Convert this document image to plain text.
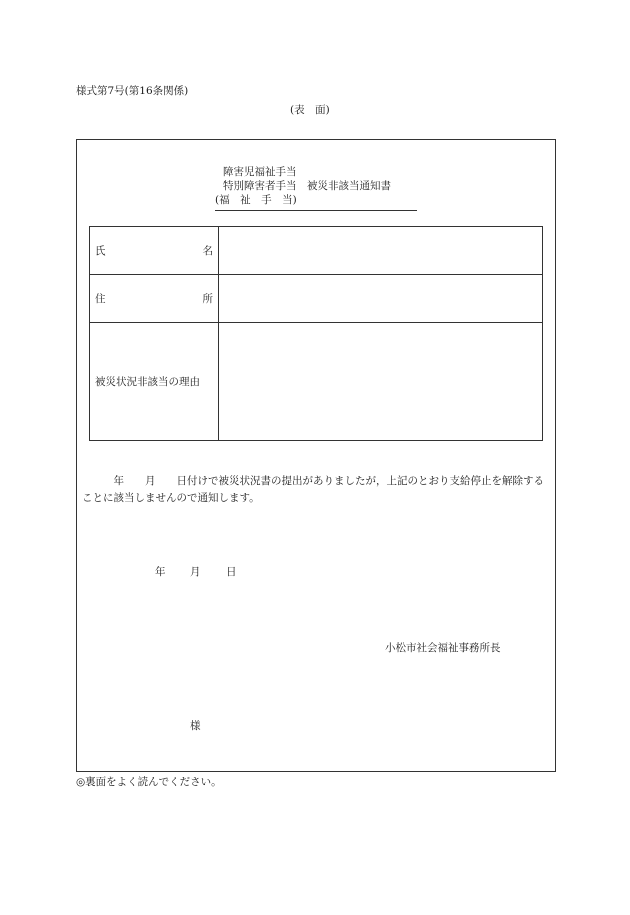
様式第7号(第16条関係)
(表　面)
障害児福祉手当
特別障害者手当　被災非該当通知書
(福　祉　手　当)
氏 名	

住 所	

被災状況非該当の理由	
　　　年　　月　　日付けで被災状況書の提出がありましたが，上記のとおり支給停止を解除することに該当しませんので通知します。
年 月 日
小松市社会福祉事務所長
様
◎裏面をよく読んでください。
